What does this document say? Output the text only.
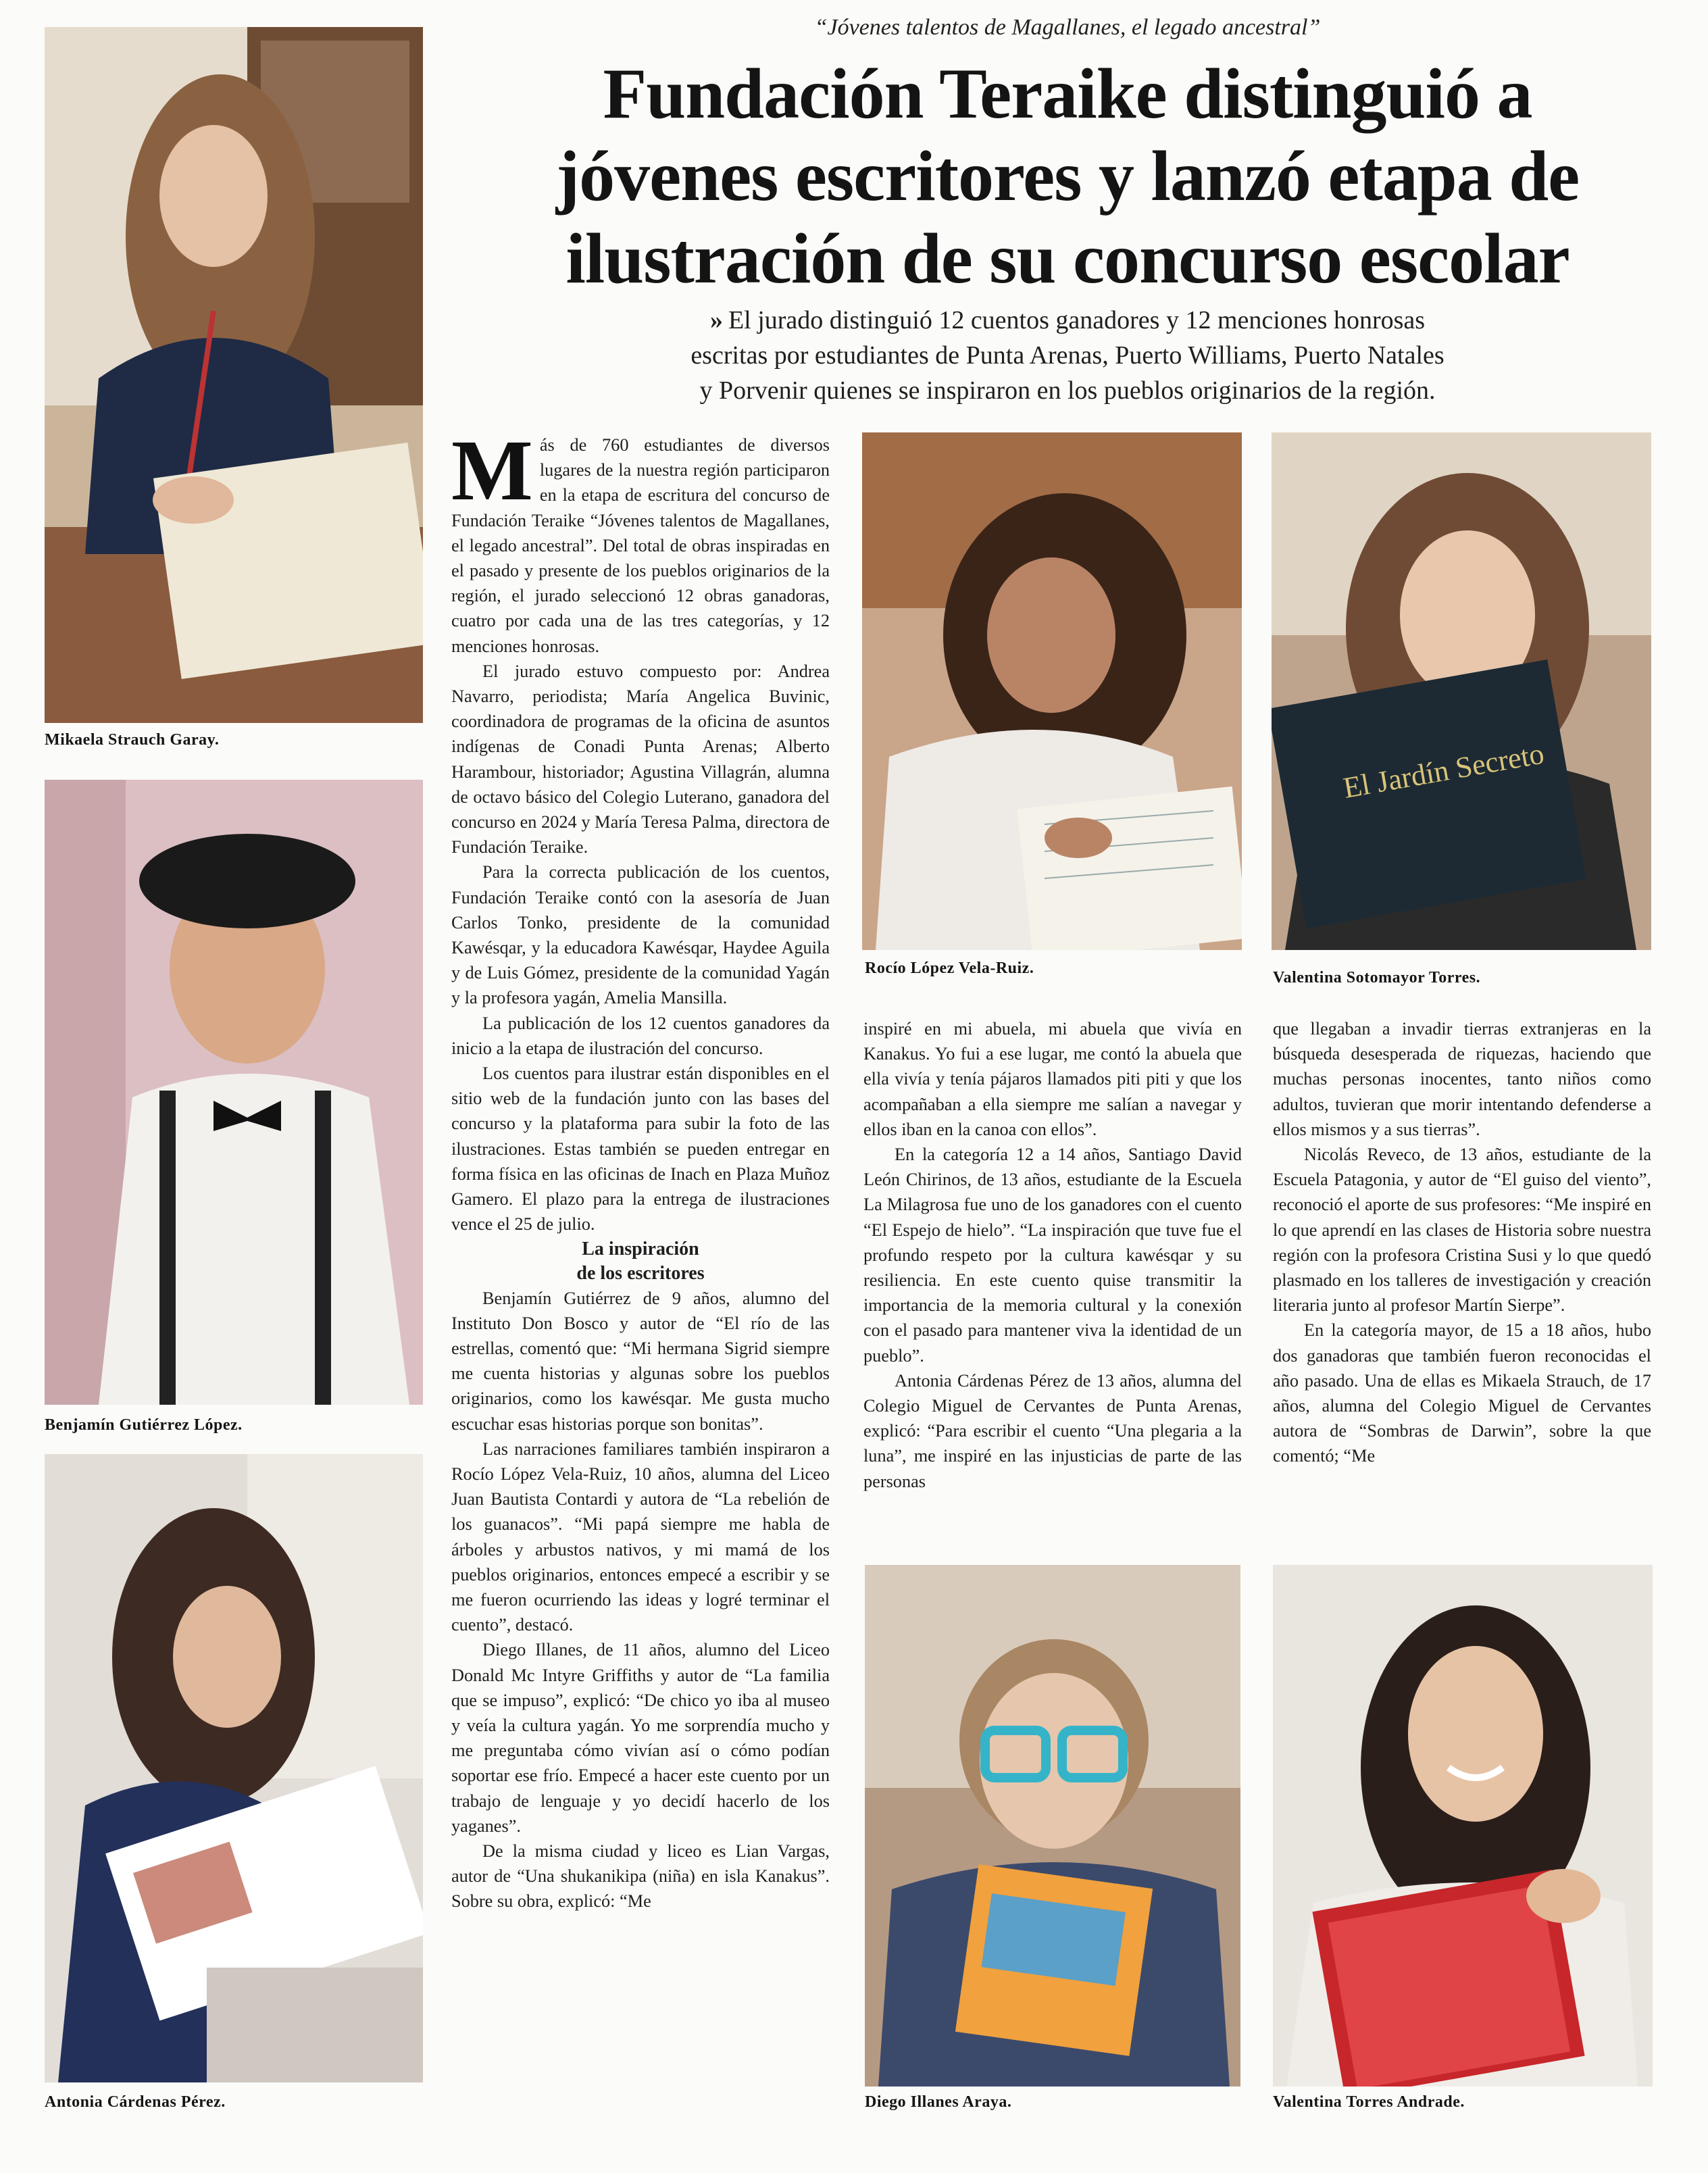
Mikaela Strauch Garay.
Benjamín Gutiérrez López.
Antonia Cárdenas Pérez.
“Jóvenes talentos de Magallanes, el legado ancestral”
Fundación Teraike distinguió a
jóvenes escritores y lanzó etapa de
ilustración de su concurso escolar
» El jurado distinguió 12 cuentos ganadores y 12 menciones honrosas
escritas por estudiantes de Punta Arenas, Puerto Williams, Puerto Natales
y Porvenir quienes se inspiraron en los pueblos originarios de la región.

Más de 760 estudiantes de diversos lugares de la nuestra región participaron en la etapa de escritura del concurso de Fundación Teraike “Jóvenes talentos de Magallanes, el legado ancestral”. Del total de obras inspiradas en el pasado y presente de los pueblos originarios de la región, el jurado seleccionó 12 obras ganadoras, cuatro por cada una de las tres categorías, y 12 menciones honrosas.

El jurado estuvo compuesto por: Andrea Navarro, periodista; María Angelica Buvinic, coordinadora de programas de la oficina de asuntos indígenas de Conadi Punta Arenas; Alberto Harambour, historiador; Agustina Villagrán, alumna de octavo básico del Colegio Luterano, ganadora del concurso en 2024 y María Teresa Palma, directora de Fundación Teraike.

Para la correcta publicación de los cuentos, Fundación Teraike contó con la asesoría de Juan Carlos Tonko, presidente de la comunidad Kawésqar, y la educadora Kawésqar, Haydee Aguila y de Luis Gómez, presidente de la comunidad Yagán y la profesora yagán, Amelia Mansilla.

La publicación de los 12 cuentos ganadores da inicio a la etapa de ilustración del concurso.

Los cuentos para ilustrar están disponibles en el sitio web de la fundación junto con las bases del concurso y la plataforma para subir la foto de las ilustraciones. Estas también se pueden entregar en forma física en las oficinas de Inach en Plaza Muñoz Gamero. El plazo para la entrega de ilustraciones vence el 25 de julio.

La inspiración
de los escritores

Benjamín Gutiérrez de 9 años, alumno del Instituto Don Bosco y autor de “El río de las estrellas, comentó que: “Mi hermana Sigrid siempre me cuenta historias y algunas sobre los pueblos originarios, como los kawésqar. Me gusta mucho escuchar esas historias porque son bonitas”.

Las narraciones familiares también inspiraron a Rocío López Vela-Ruiz, 10 años, alumna del Liceo Juan Bautista Contardi y autora de “La rebelión de los guanacos”. “Mi papá siempre me habla de árboles y arbustos nativos, y mi mamá de los pueblos originarios, entonces empecé a escribir y se me fueron ocurriendo las ideas y logré terminar el cuento”, destacó.

Diego Illanes, de 11 años, alumno del Liceo Donald Mc Intyre Griffiths y autor de “La familia que se impuso”, explicó: “De chico yo iba al museo y veía la cultura yagán. Yo me sorprendía mucho y me preguntaba cómo vivían así o cómo podían soportar ese frío. Empecé a hacer este cuento por un trabajo de lenguaje y yo decidí hacerlo de los yaganes”.

De la misma ciudad y liceo es Lian Vargas, autor de “Una shukanikipa (niña) en isla Kanakus”. Sobre su obra, explicó: “Me

Rocío López Vela-Ruiz.
El Jardín Secreto
Valentina Sotomayor Torres.

inspiré en mi abuela, mi abuela que vivía en Kanakus. Yo fui a ese lugar, me contó la abuela que ella vivía y tenía pájaros llamados piti piti y que los acompañaban a ella siempre me salían a navegar y ellos iban en la canoa con ellos”.

En la categoría 12 a 14 años, Santiago David León Chirinos, de 13 años, estudiante de la Escuela La Milagrosa fue uno de los ganadores con el cuento “El Espejo de hielo”. “La inspiración que tuve fue el profundo respeto por la cultura kawésqar y su resiliencia. En este cuento quise transmitir la importancia de la memoria cultural y la conexión con el pasado para mantener viva la identidad de un pueblo”.

Antonia Cárdenas Pérez de 13 años, alumna del Colegio Miguel de Cervantes de Punta Arenas, explicó: “Para escribir el cuento “Una plegaria a la luna”, me inspiré en las injusticias de parte de las personas

que llegaban a invadir tierras extranjeras en la búsqueda desesperada de riquezas, haciendo que muchas personas inocentes, tanto niños como adultos, tuvieran que morir intentando defenderse a ellos mismos y a sus tierras”.

Nicolás Reveco, de 13 años, estudiante de la Escuela Patagonia, y autor de “El guiso del viento”, reconoció el aporte de sus profesores: “Me inspiré en lo que aprendí en las clases de Historia sobre nuestra región con la profesora Cristina Susi y lo que quedó plasmado en los talleres de investigación y creación literaria junto al profesor Martín Sierpe”.

En la categoría mayor, de 15 a 18 años, hubo dos ganadoras que también fueron reconocidas el año pasado. Una de ellas es Mikaela Strauch, de 17 años, alumna del Colegio Miguel de Cervantes autora de “Sombras de Darwin”, sobre la que comentó; “Me

Diego Illanes Araya.	Valentina Torres Andrade.
